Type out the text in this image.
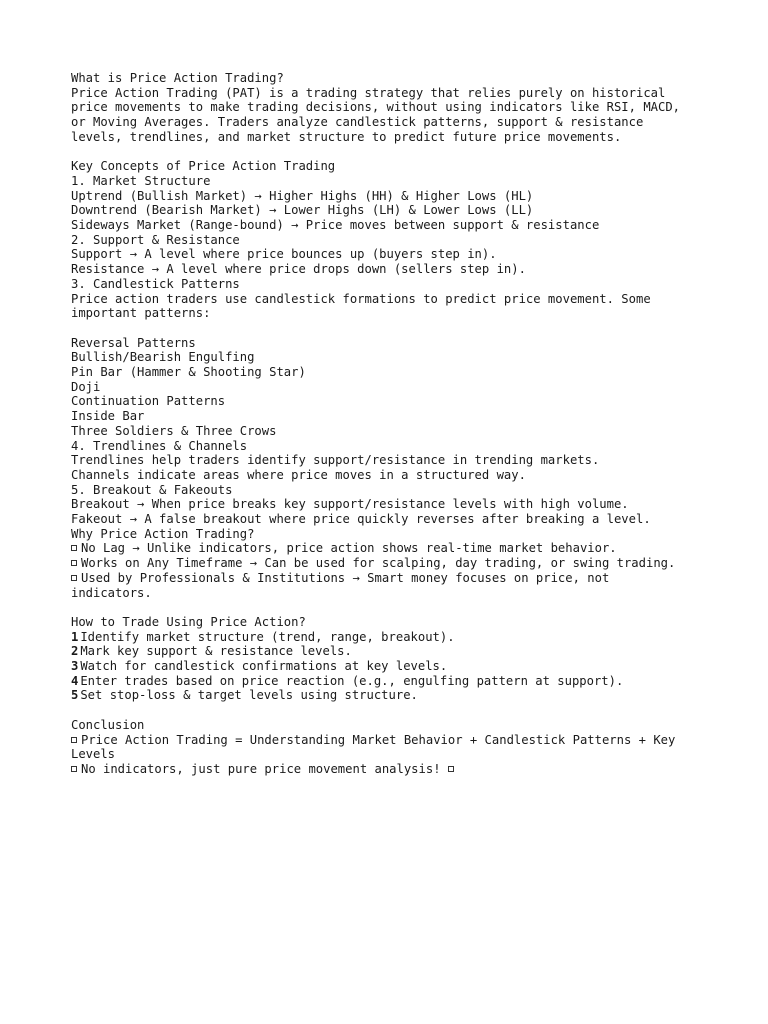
What is Price Action Trading?
Price Action Trading (PAT) is a trading strategy that relies purely on historical
price movements to make trading decisions, without using indicators like RSI, MACD,
or Moving Averages. Traders analyze candlestick patterns, support & resistance
levels, trendlines, and market structure to predict future price movements.
Key Concepts of Price Action Trading
1. Market Structure
Uptrend (Bullish Market) → Higher Highs (HH) & Higher Lows (HL)
Downtrend (Bearish Market) → Lower Highs (LH) & Lower Lows (LL)
Sideways Market (Range-bound) → Price moves between support & resistance
2. Support & Resistance
Support → A level where price bounces up (buyers step in).
Resistance → A level where price drops down (sellers step in).
3. Candlestick Patterns
Price action traders use candlestick formations to predict price movement. Some
important patterns:
Reversal Patterns
Bullish/Bearish Engulfing
Pin Bar (Hammer & Shooting Star)
Doji
Continuation Patterns
Inside Bar
Three Soldiers & Three Crows
4. Trendlines & Channels
Trendlines help traders identify support/resistance in trending markets.
Channels indicate areas where price moves in a structured way.
5. Breakout & Fakeouts
Breakout → When price breaks key support/resistance levels with high volume.
Fakeout → A false breakout where price quickly reverses after breaking a level.
Why Price Action Trading?
No Lag → Unlike indicators, price action shows real-time market behavior.
Works on Any Timeframe → Can be used for scalping, day trading, or swing trading.
Used by Professionals & Institutions → Smart money focuses on price, not
indicators.
How to Trade Using Price Action?
1 Identify market structure (trend, range, breakout).
2 Mark key support & resistance levels.
3 Watch for candlestick confirmations at key levels.
4 Enter trades based on price reaction (e.g., engulfing pattern at support).
5 Set stop-loss & target levels using structure.
Conclusion
Price Action Trading = Understanding Market Behavior + Candlestick Patterns + Key
Levels
No indicators, just pure price movement analysis!
